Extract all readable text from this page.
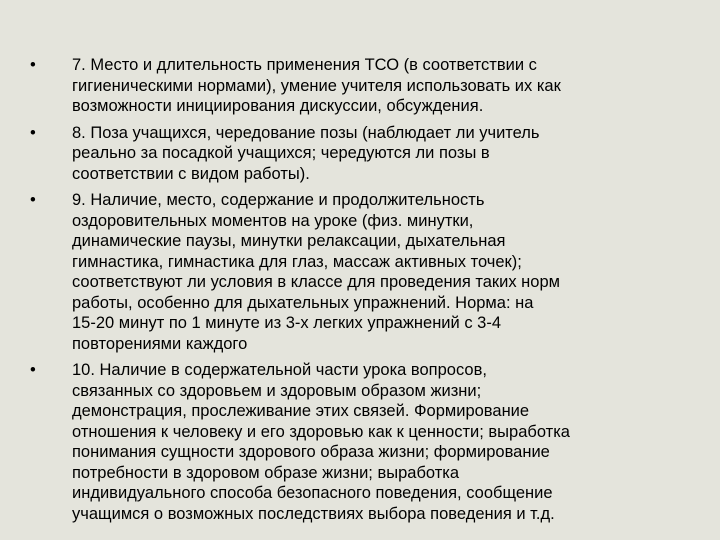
•	7. Место и длительность применения ТСО (в соответствии с
гигиеническими нормами), умение учителя использовать их как
возможности инициирования дискуссии, обсуждения.
•	8. Поза учащихся, чередование позы (наблюдает ли учитель
реально за посадкой учащихся; чередуются ли позы в
соответствии с видом работы).
•	9. Наличие, место, содержание и продолжительность
оздоровительных моментов на уроке (физ. минутки,
динамические паузы, минутки релаксации, дыхательная
гимнастика, гимнастика для глаз, массаж активных точек);
соответствуют ли условия в классе для проведения таких норм
работы, особенно для дыхательных упражнений. Норма: на
15-20 минут по 1 минуте из 3-х легких упражнений с 3-4
повторениями каждого
•	10. Наличие в содержательной части урока вопросов,
связанных со здоровьем и здоровым образом жизни;
демонстрация, прослеживание этих связей. Формирование
отношения к человеку и его здоровью как к ценности; выработка
понимания сущности здорового образа жизни; формирование
потребности в здоровом образе жизни; выработка
индивидуального способа безопасного поведения, сообщение
учащимся о возможных последствиях выбора поведения и т.д.
